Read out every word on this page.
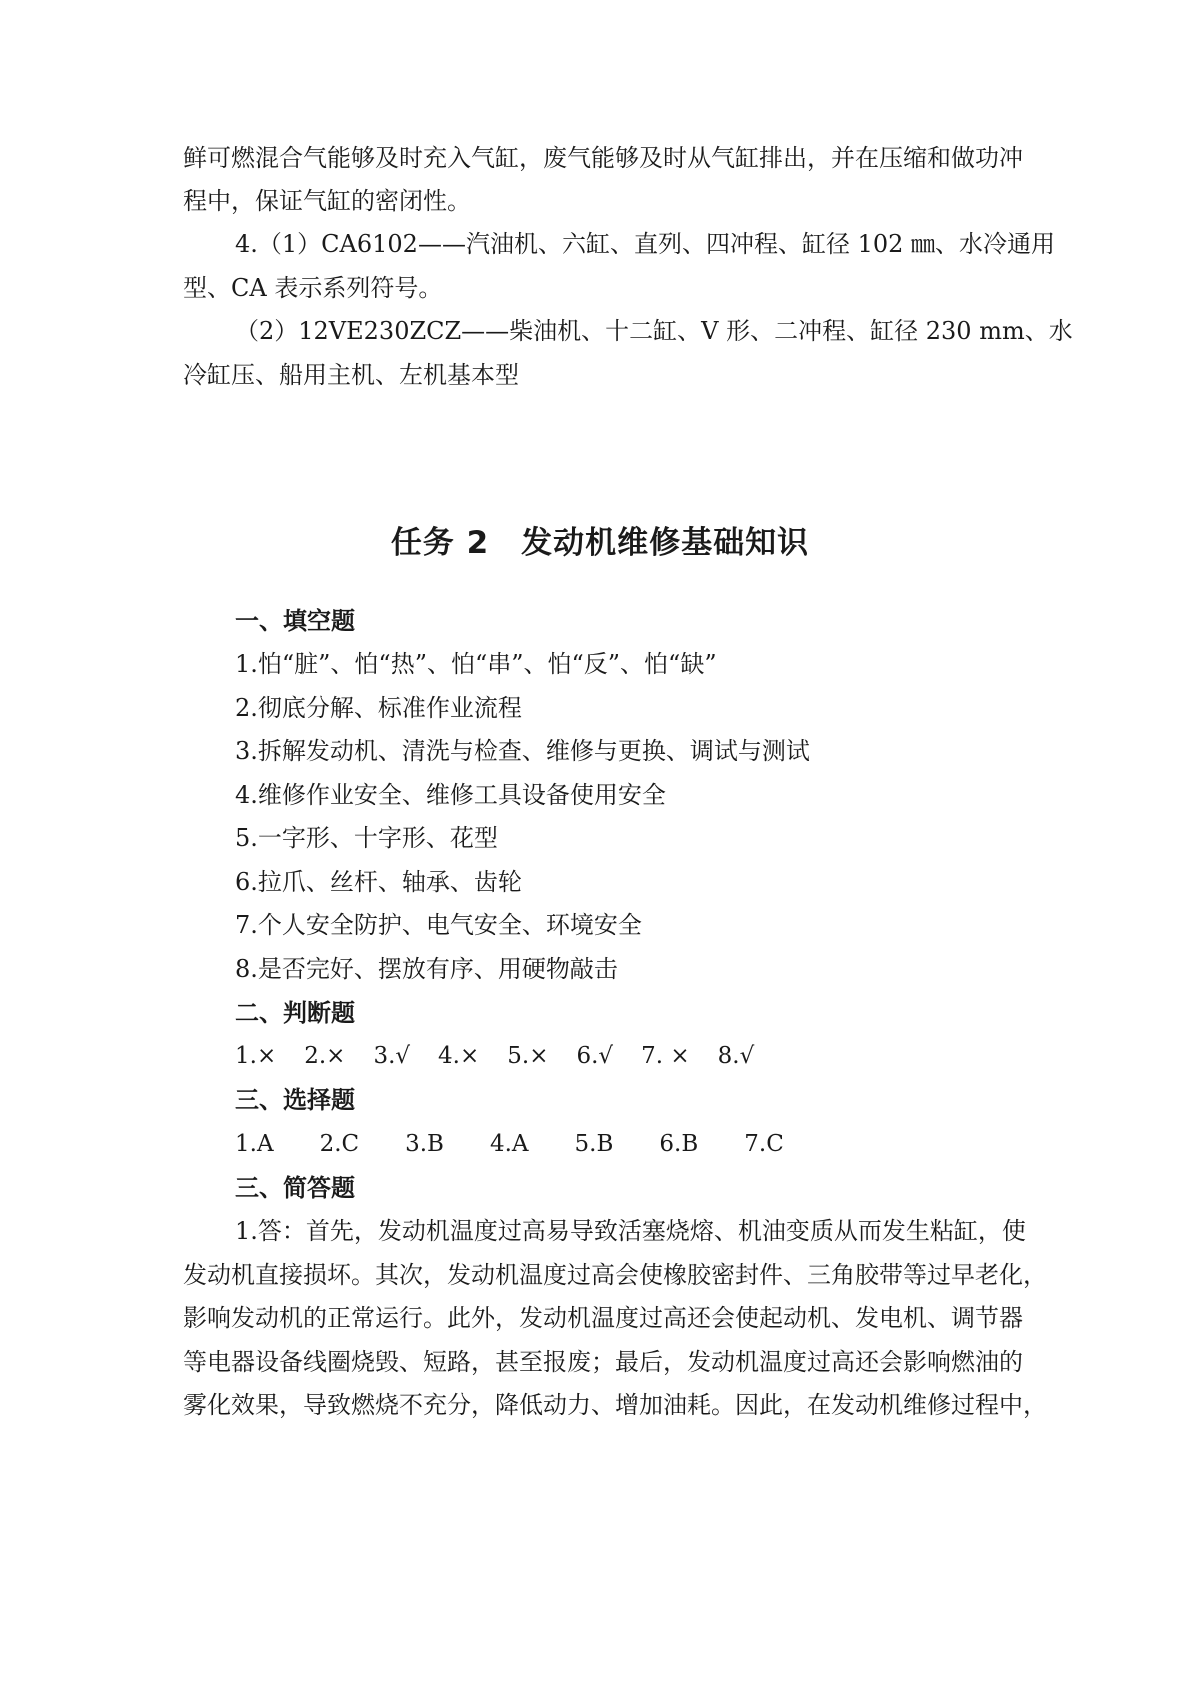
鲜可燃混合气能够及时充入气缸，废气能够及时从气缸排出，并在压缩和做功冲
程中，保证气缸的密闭性。
4.（1）CA6102——汽油机、六缸、直列、四冲程、缸径 102 ㎜、水冷通用
型、CA 表示系列符号。
（2）12VE230ZCZ——柴油机、十二缸、V 形、二冲程、缸径 230 mm、水
冷缸压、船用主机、左机基本型
任务 2　发动机维修基础知识
一、填空题
1.怕“脏”、怕“热”、怕“串”、怕“反”、怕“缺”
2.彻底分解、标准作业流程
3.拆解发动机、清洗与检查、维修与更换、调试与测试
4.维修作业安全、维修工具设备使用安全
5.一字形、十字形、花型
6.拉爪、丝杆、轴承、齿轮
7.个人安全防护、电气安全、环境安全
8.是否完好、摆放有序、用硬物敲击
二、判断题
1.× 2.× 3.√ 4.× 5.× 6.√ 7. × 8.√
三、选择题
1.A 2.C 3.B 4.A 5.B 6.B 7.C
三、简答题
1.答：首先，发动机温度过高易导致活塞烧熔、机油变质从而发生粘缸，使
发动机直接损坏。其次，发动机温度过高会使橡胶密封件、三角胶带等过早老化，
影响发动机的正常运行。此外，发动机温度过高还会使起动机、发电机、调节器
等电器设备线圈烧毁、短路，甚至报废；最后，发动机温度过高还会影响燃油的
雾化效果，导致燃烧不充分，降低动力、增加油耗。因此，在发动机维修过程中，
